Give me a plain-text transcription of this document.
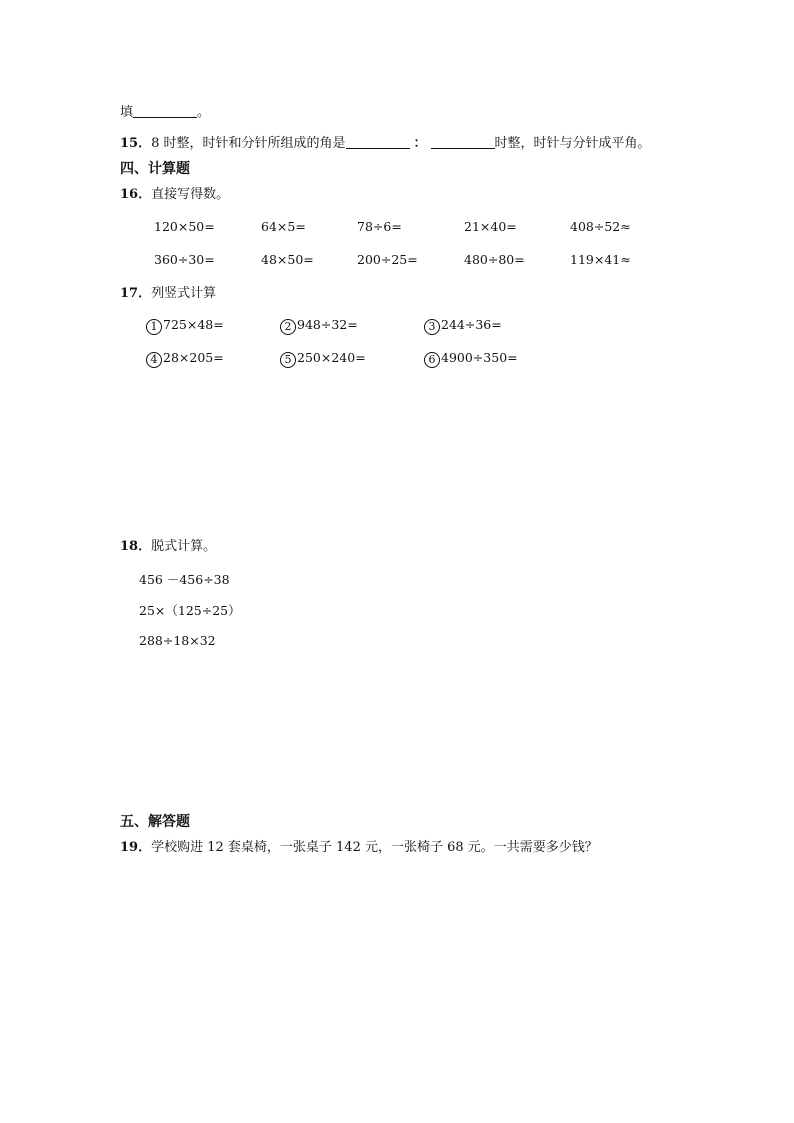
填	。
15．8 时整，时针和分针所组成的角是	：	时整，时针与分针成平角。
四、计算题
16．直接写得数。
120×50=	64×5=	78÷6=	21×40=	408÷52≈
360÷30=	48×50=	200÷25=	480÷80=	119×41≈
17．列竖式计算
1 725×48=	2 948÷32=	3 244÷36=
4 28×205=	5 250×240=	6 4900÷350=
18．脱式计算。
456 －456÷38
25×（125÷25）
288÷18×32
五、解答题
19．学校购进 12 套桌椅，一张桌子 142 元，一张椅子 68 元。一共需要多少钱？
